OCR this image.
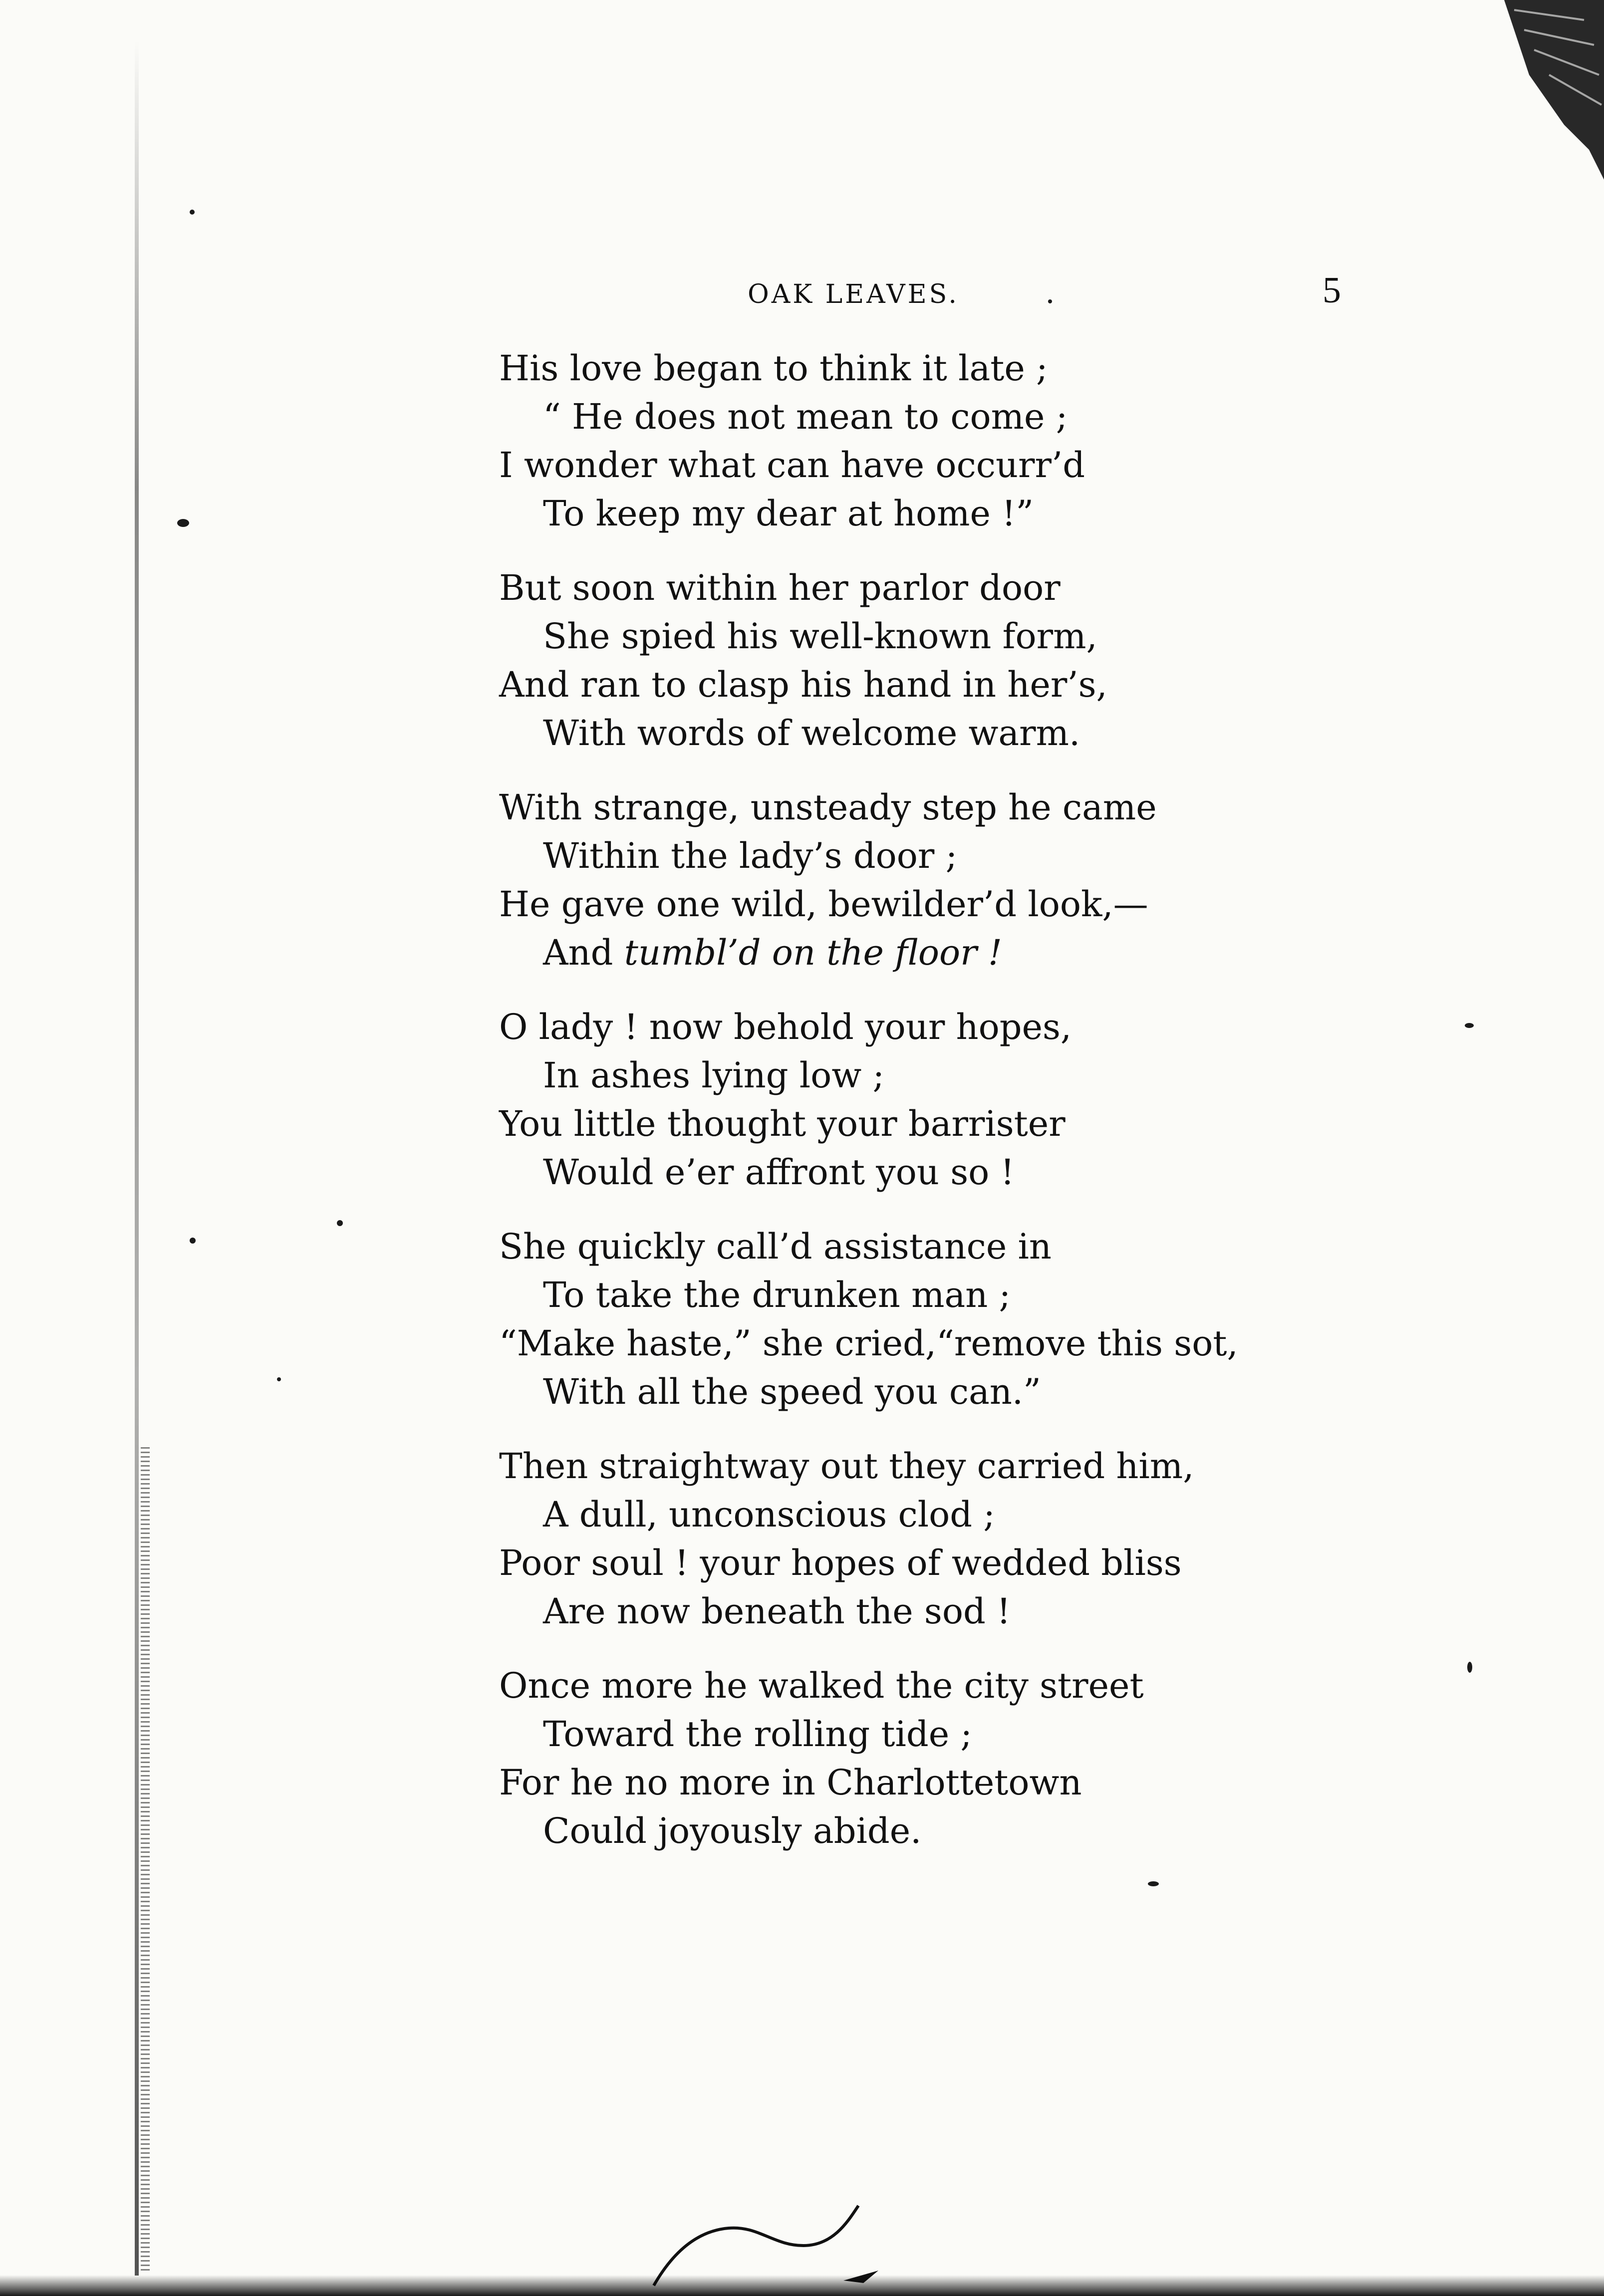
OAK LEAVES.	5
His love began to think it late ;
“ He does not mean to come ;
I wonder what can have occurr’d
To keep my dear at home !”
But soon within her parlor door
She spied his well-known form,
And ran to clasp his hand in her’s,
With words of welcome warm.
With strange, unsteady step he came
Within the lady’s door ;
He gave one wild, bewilder’d look,—
And tumbl’d on the floor !
O lady ! now behold your hopes,
In ashes lying low ;
You little thought your barrister
Would e’er affront you so !
She quickly call’d assistance in
To take the drunken man ;
“Make haste,” she cried,“remove this sot,
With all the speed you can.”
Then straightway out they carried him,
A dull, unconscious clod ;
Poor soul ! your hopes of wedded bliss
Are now beneath the sod !
Once more he walked the city street
Toward the rolling tide ;
For he no more in Charlottetown
Could joyously abide.
